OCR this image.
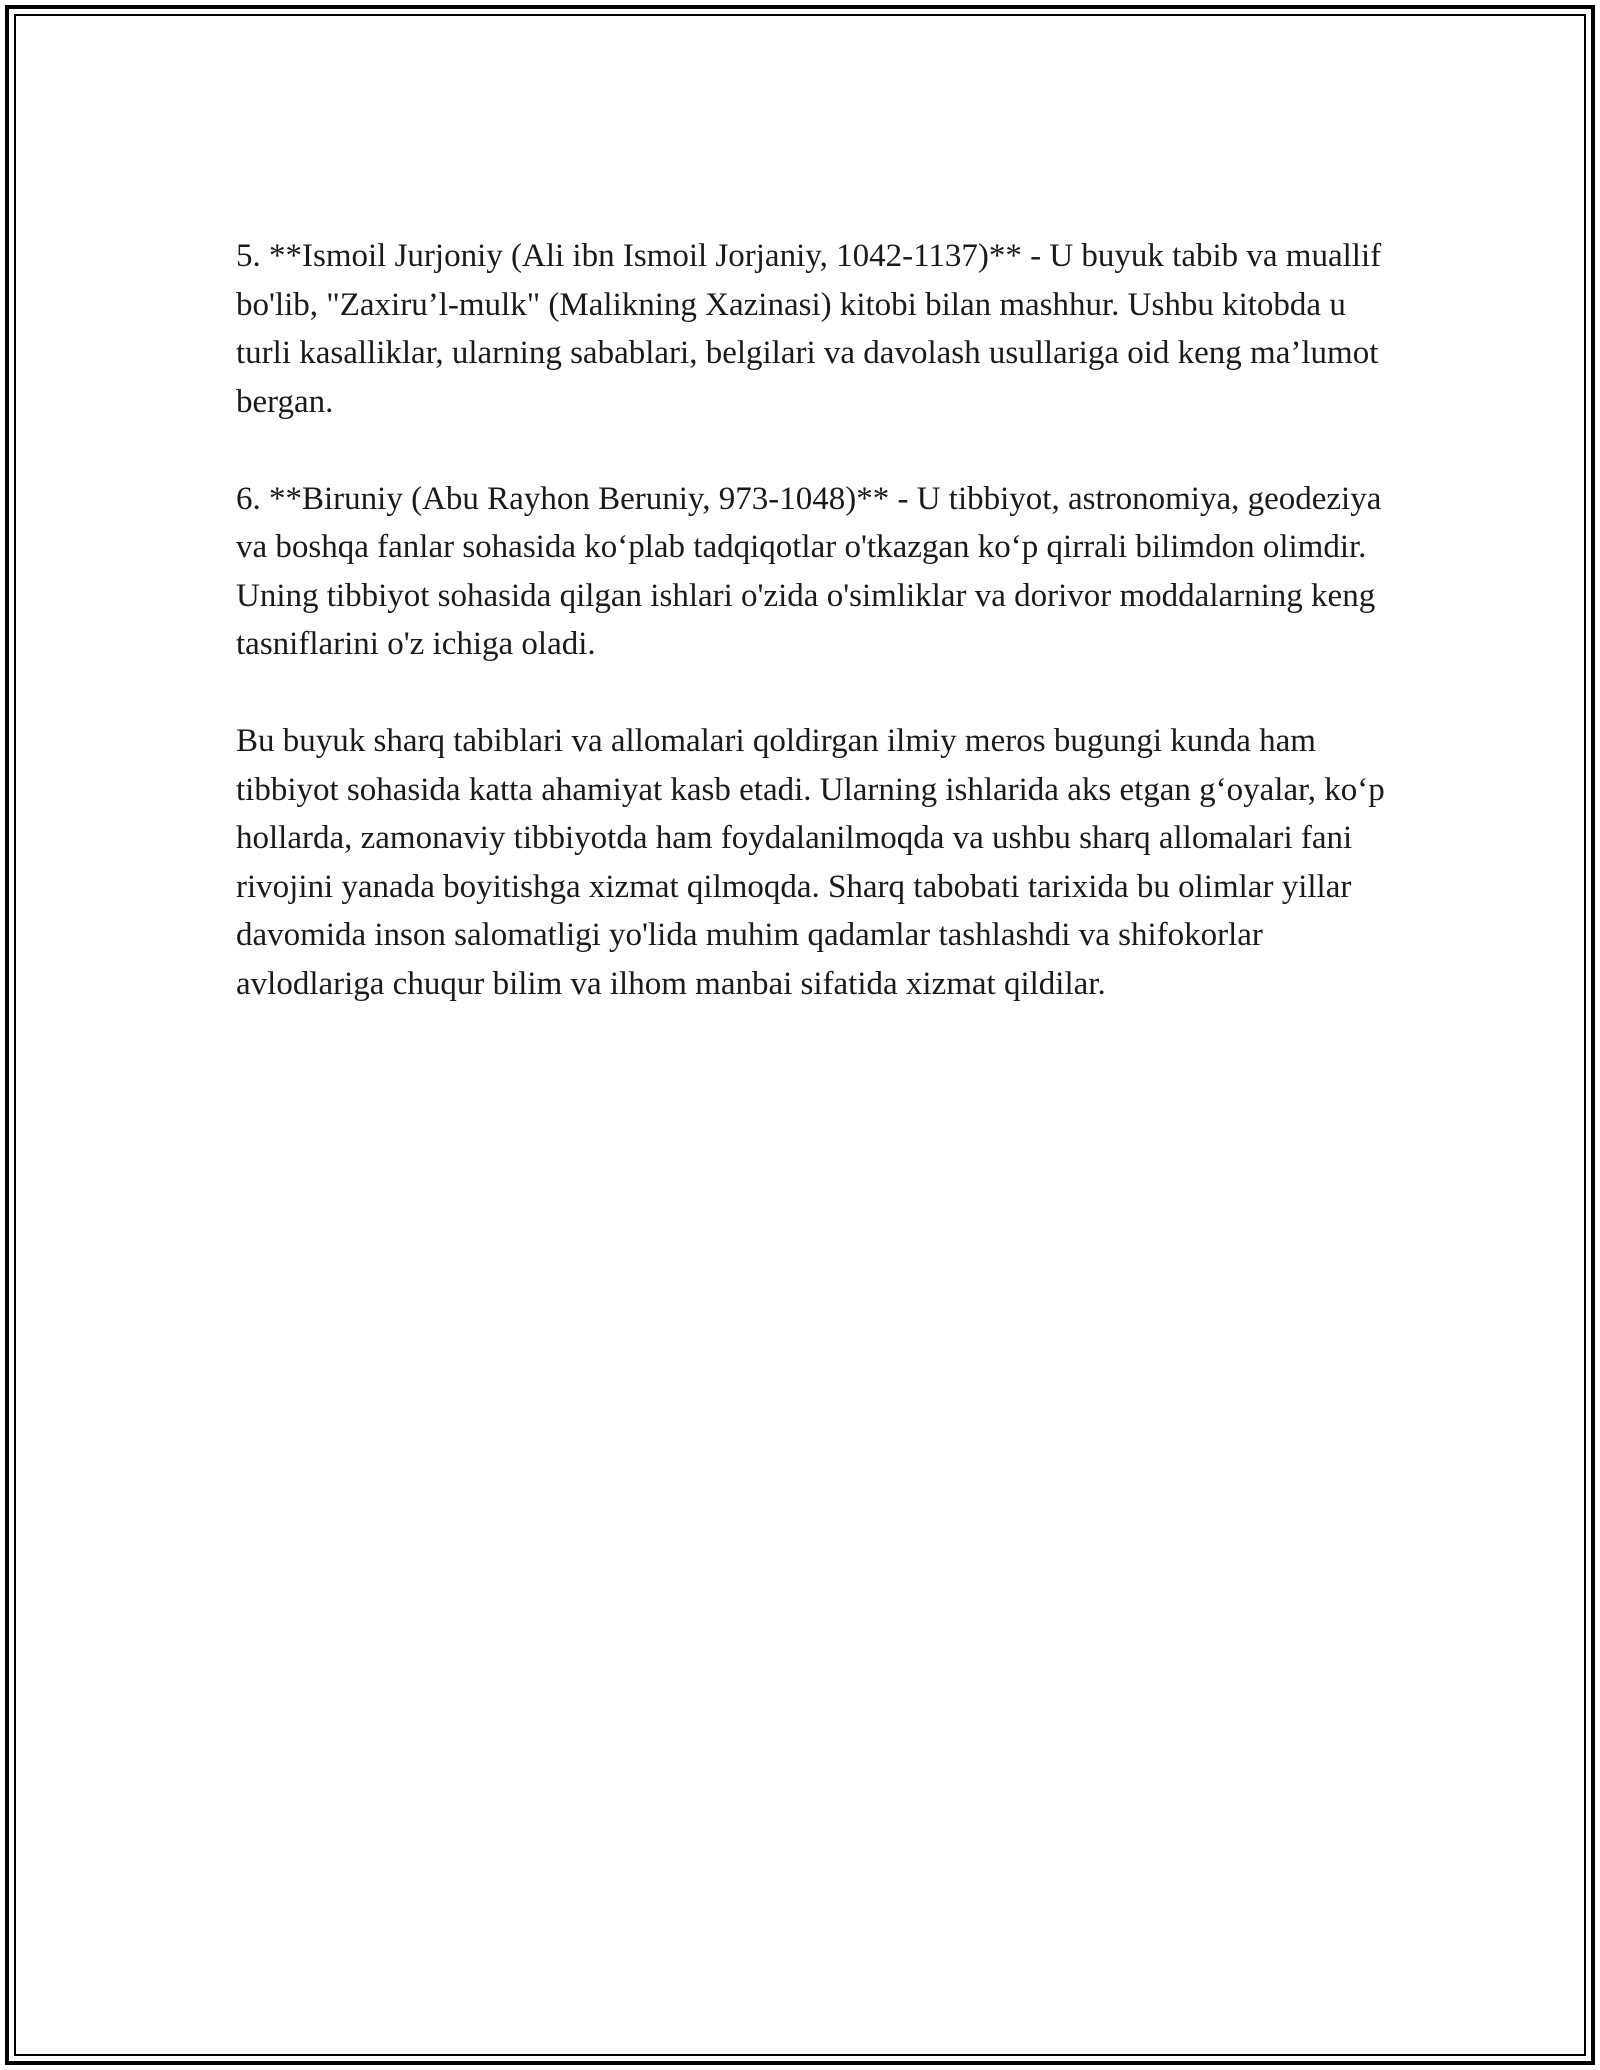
5. **Ismoil Jurjoniy (Ali ibn Ismoil Jorjaniy, 1042-1137)** - U buyuk tabib va muallif bo'lib, "Zaxiru’l-mulk" (Malikning Xazinasi) kitobi bilan mashhur. Ushbu kitobda u turli kasalliklar, ularning sabablari, belgilari va davolash usullariga oid keng ma’lumot bergan.

6. **Biruniy (Abu Rayhon Beruniy, 973-1048)** - U tibbiyot, astronomiya, geodeziya va boshqa fanlar sohasida ko‘plab tadqiqotlar o'tkazgan ko‘p qirrali bilimdon olimdir. Uning tibbiyot sohasida qilgan ishlari o'zida o'simliklar va dorivor moddalarning keng tasniflarini o'z ichiga oladi.

Bu buyuk sharq tabiblari va allomalari qoldirgan ilmiy meros bugungi kunda ham tibbiyot sohasida katta ahamiyat kasb etadi. Ularning ishlarida aks etgan g‘oyalar, ko‘p hollarda, zamonaviy tibbiyotda ham foydalanilmoqda va ushbu sharq allomalari fani rivojini yanada boyitishga xizmat qilmoqda. Sharq tabobati tarixida bu olimlar yillar davomida inson salomatligi yo'lida muhim qadamlar tashlashdi va shifokorlar avlodlariga chuqur bilim va ilhom manbai sifatida xizmat qildilar.
